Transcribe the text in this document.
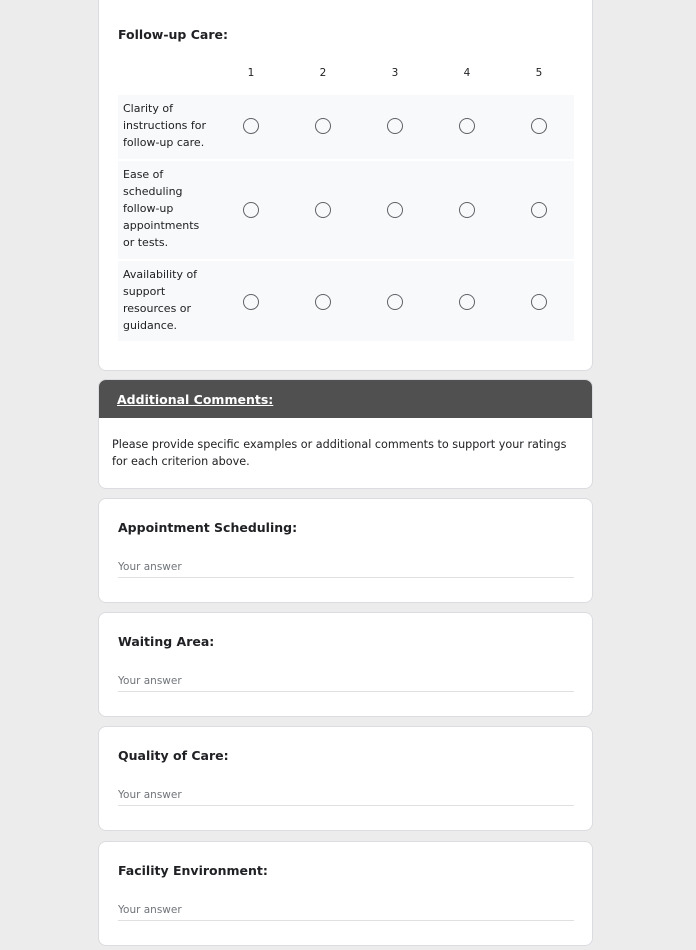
Follow-up Care:
1	2	3	4	5
Clarity of instructions for follow-up care.
Ease of scheduling follow-up appointments or tests.
Availability of support resources or guidance.
Additional Comments:
Please provide specific examples or additional comments to support your ratings for each criterion above.
Appointment Scheduling:
Your answer
Waiting Area:
Your answer
Quality of Care:
Your answer
Facility Environment:
Your answer
